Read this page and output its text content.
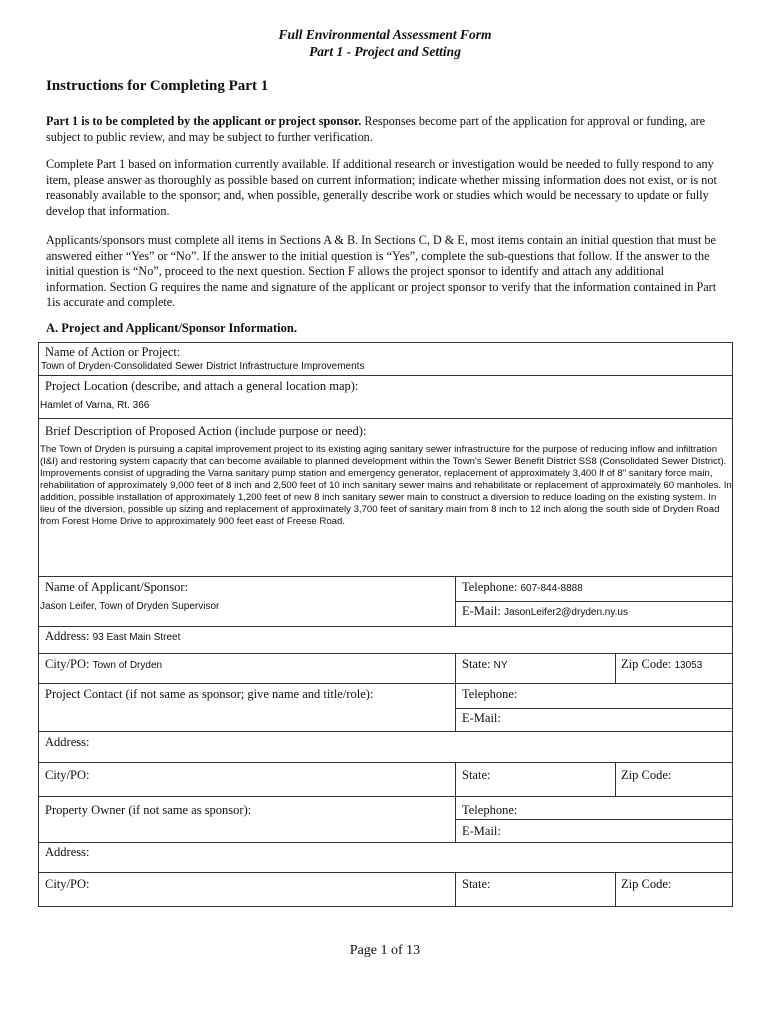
Full Environmental Assessment Form
Part 1 - Project and Setting
Instructions for Completing Part 1
Part 1 is to be completed by the applicant or project sponsor. Responses become part of the application for approval or funding, are subject to public review, and may be subject to further verification.
Complete Part 1 based on information currently available. If additional research or investigation would be needed to fully respond to any item, please answer as thoroughly as possible based on current information; indicate whether missing information does not exist, or is not reasonably available to the sponsor; and, when possible, generally describe work or studies which would be necessary to update or fully develop that information.
Applicants/sponsors must complete all items in Sections A & B. In Sections C, D & E, most items contain an initial question that must be answered either “Yes” or “No”. If the answer to the initial question is “Yes”, complete the sub-questions that follow. If the answer to the initial question is “No”, proceed to the next question. Section F allows the project sponsor to identify and attach any additional information. Section G requires the name and signature of the applicant or project sponsor to verify that the information contained in Part 1is accurate and complete.
A. Project and Applicant/Sponsor Information.
Name of Action or Project:
Town of Dryden-Consolidated Sewer District Infrastructure Improvements
Project Location (describe, and attach a general location map):
Hamlet of Varna, Rt. 366
Brief Description of Proposed Action (include purpose or need):
The Town of Dryden is pursuing a capital improvement project to its existing aging sanitary sewer infrastructure for the purpose of reducing inflow and infiltration (I&I) and restoring system capacity that can become available to planned development within the Town's Sewer Benefit District SS8 (Consolidated Sewer District). Improvements consist of upgrading the Varna sanitary pump station and emergency generator, replacement of approximately 3,400 lf of 8" sanitary force main, rehabilitation of approximately 9,000 feet of 8 inch and 2,500 feet of 10 inch sanitary sewer mains and rehabilitate or replacement of approximately 60 manholes. In addition, possible installation of approximately 1,200 feet of new 8 inch sanitary sewer main to construct a diversion to reduce loading on the existing system. In lieu of the diversion, possible up sizing and replacement of approximately 3,700 feet of sanitary main from 8 inch to 12 inch along the south side of Dryden Road from Forest Home Drive to approximately 900 feet east of Freese Road.
Name of Applicant/Sponsor:
Jason Leifer, Town of Dryden Supervisor
Telephone: 607-844-8888
E-Mail: JasonLeifer2@dryden.ny.us
Address: 93 East Main Street
City/PO: Town of Dryden	State: NY	Zip Code: 13053
Project Contact (if not same as sponsor; give name and title/role):	Telephone:
E-Mail:
Address:
City/PO:	State:	Zip Code:
Property Owner (if not same as sponsor):	Telephone:
E-Mail:
Address:
City/PO:	State:	Zip Code:
Page 1 of 13
